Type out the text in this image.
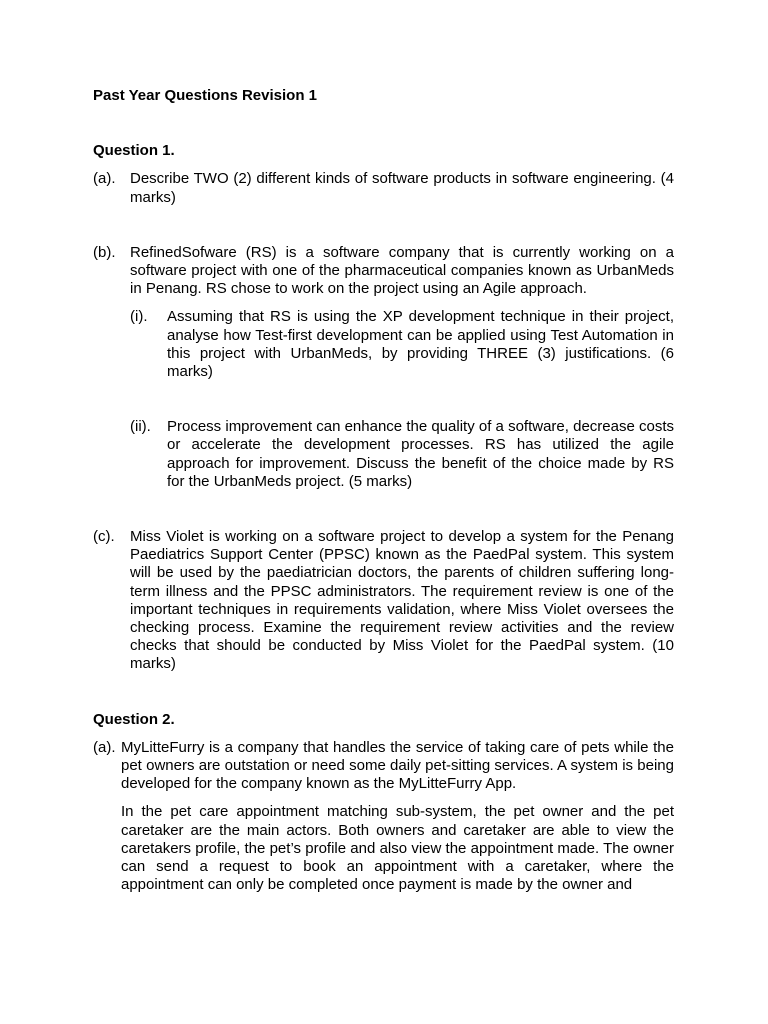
Past Year Questions Revision 1

Question 1.

(a). Describe TWO (2) different kinds of software products in software engineering. (4 marks)
(b). RefinedSofware (RS) is a software company that is currently working on a software project with one of the pharmaceutical companies known as UrbanMeds in Penang. RS chose to work on the project using an Agile approach.

(i).	Assuming that RS is using the XP development technique in their project, analyse how Test-first development can be applied using Test Automation in this project with UrbanMeds, by providing THREE (3) justifications. (6 marks)
(ii).	Process improvement can enhance the quality of a software, decrease costs or accelerate the development processes. RS has utilized the agile approach for improvement. Discuss the benefit of the choice made by RS for the UrbanMeds project. (5 marks)
(c).	Miss Violet is working on a software project to develop a system for the Penang Paediatrics Support Center (PPSC) known as the PaedPal system. This system will be used by the paediatrician doctors, the parents of children suffering long-term illness and the PPSC administrators. The requirement review is one of the important techniques in requirements validation, where Miss Violet oversees the checking process. Examine the requirement review activities and the review checks that should be conducted by Miss Violet for the PaedPal system. (10 marks)

Question 2.

(a). MyLitteFurry is a company that handles the service of taking care of pets while the pet owners are outstation or need some daily pet-sitting services. A system is being developed for the company known as the MyLitteFurry App.

In the pet care appointment matching sub-system, the pet owner and the pet caretaker are the main actors. Both owners and caretaker are able to view the caretakers profile, the pet’s profile and also view the appointment made. The owner can send a request to book an appointment with a caretaker, where the appointment can only be completed once payment is made by the owner and
